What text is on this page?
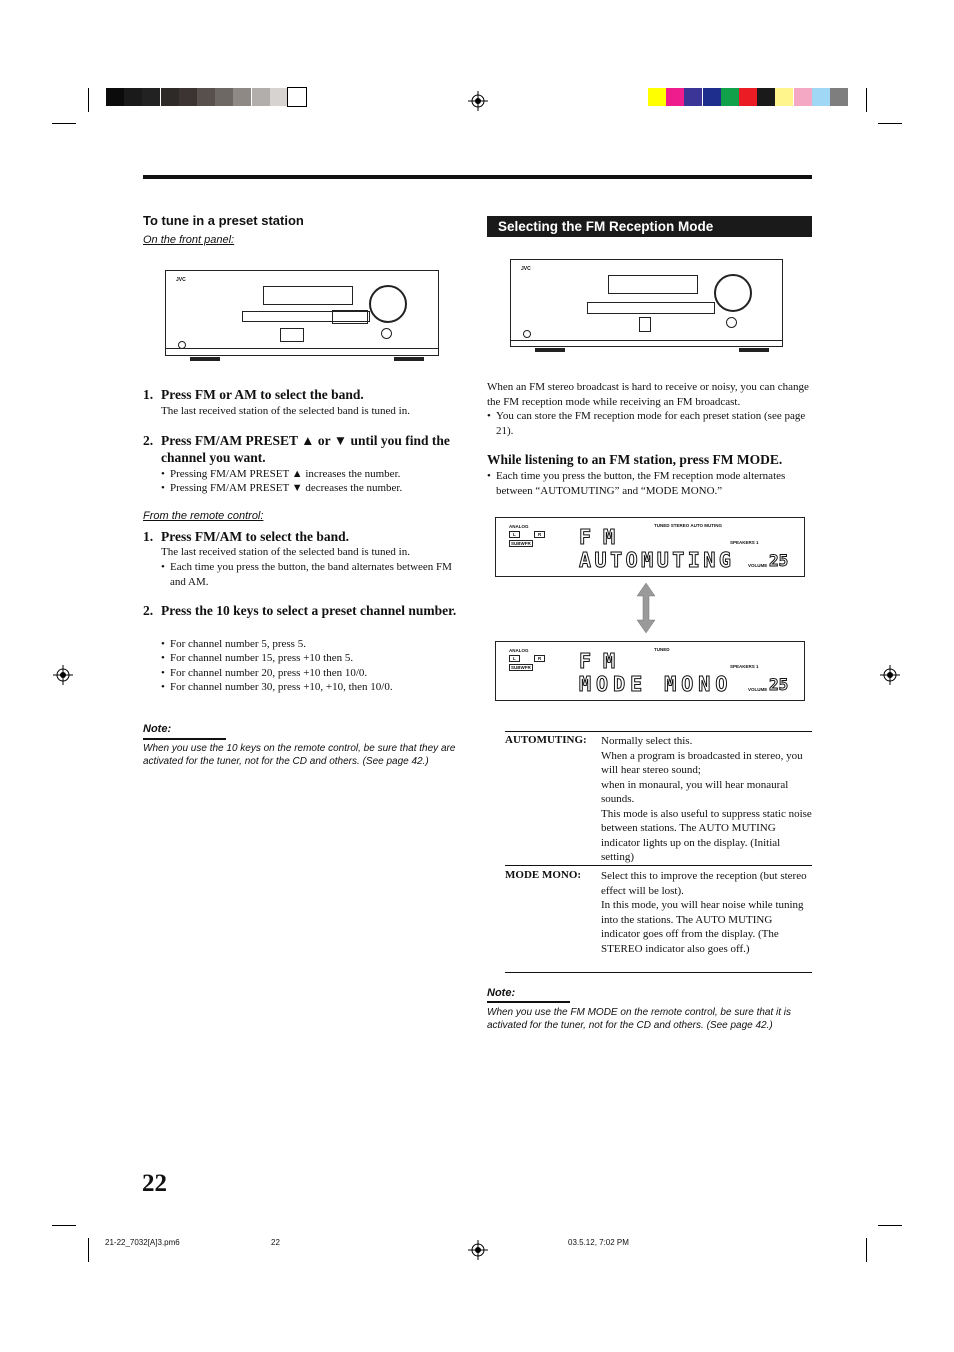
To tune in a preset station
On the front panel:
JVC
1. Press FM or AM to select the band.
The last received station of the selected band is tuned in.
2. Press FM/AM PRESET ▲ or ▼ until you find the channel you want.
• Pressing FM/AM PRESET ▲ increases the number.
• Pressing FM/AM PRESET ▼ decreases the number.
From the remote control:
1. Press FM/AM to select the band.
The last received station of the selected band is tuned in.
• Each time you press the button, the band alternates between FM and AM.
2. Press the 10 keys to select a preset channel number.
• For channel number 5, press 5.
• For channel number 15, press +10 then 5.
• For channel number 20, press +10 then 10/0.
• For channel number 30, press +10, +10, then 10/0.
Note:
When you use the 10 keys on the remote control, be sure that they are activated for the tuner, not for the CD and others. (See page 42.)
Selecting the FM Reception Mode
JVC
When an FM stereo broadcast is hard to receive or noisy, you can change the FM reception mode while receiving an FM broadcast.
• You can store the FM reception mode for each preset station (see page 21).
While listening to an FM station, press FM MODE.
• Each time you press the button, the FM reception mode alternates between “AUTOMUTING” and “MODE MONO.”
ANALOG
L	R
SUBWFR
TUNED STEREO AUTO MUTING
SPEAKERS 1
VOLUME 25
FM
AUTOMUTING
ANALOG
L	R
SUBWFR
TUNED
SPEAKERS 1
VOLUME 25
FM
MODE MONO
AUTOMUTING: Normally select this.
When a program is broadcasted in stereo, you will hear stereo sound;
when in monaural, you will hear monaural sounds.
This mode is also useful to suppress static noise between stations. The AUTO MUTING indicator lights up on the display. (Initial setting)
MODE MONO: Select this to improve the reception (but stereo effect will be lost).
In this mode, you will hear noise while tuning into the stations. The AUTO MUTING indicator goes off from the display. (The STEREO indicator also goes off.)
Note:
When you use the FM MODE on the remote control, be sure that it is activated for the tuner, not for the CD and others. (See page 42.)
22
21-22_7032[A]3.pm6	22	03.5.12, 7:02 PM
